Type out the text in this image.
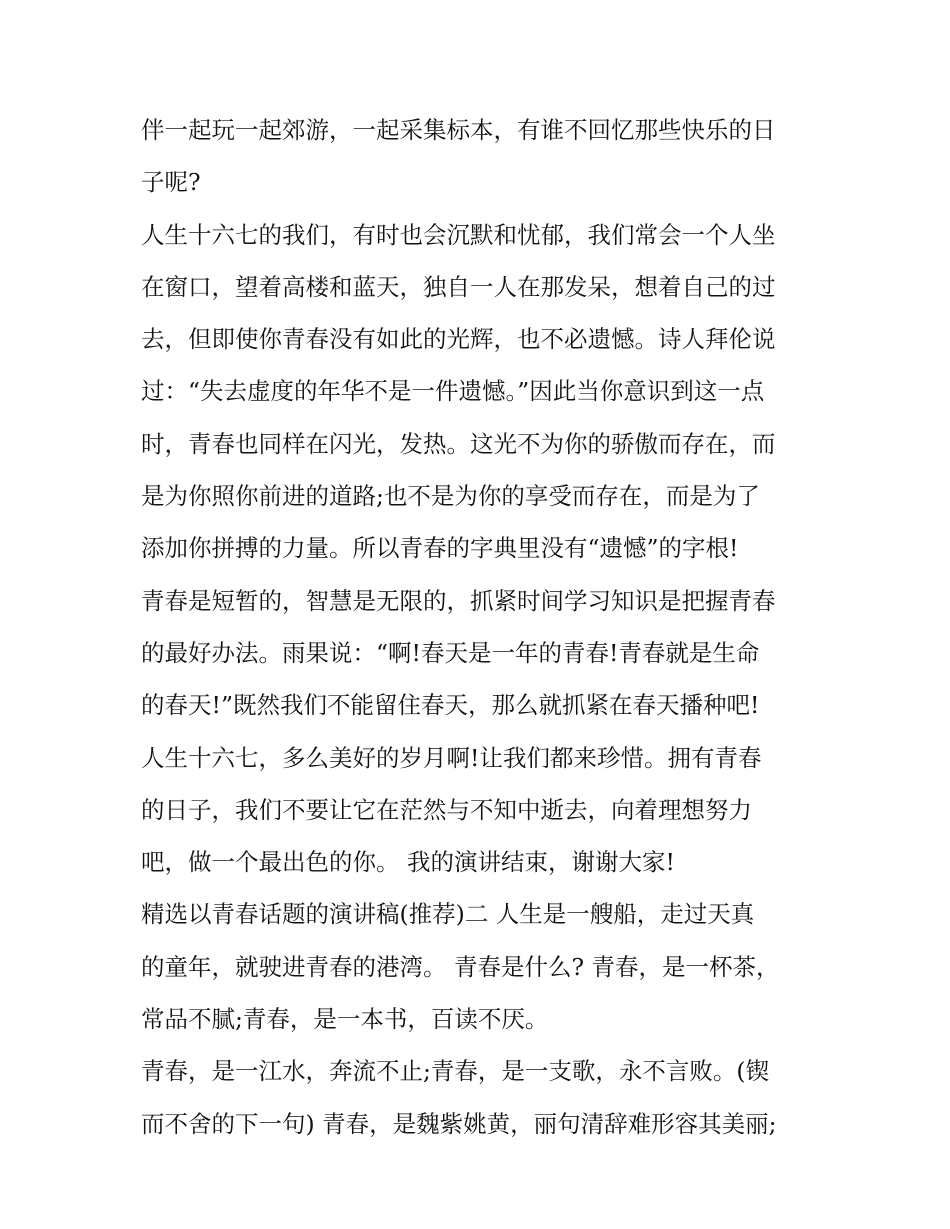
伴一起玩一起郊游，一起采集标本，有谁不回忆那些快乐的日
子呢?
人生十六七的我们，有时也会沉默和忧郁，我们常会一个人坐
在窗口，望着高楼和蓝天，独自一人在那发呆，想着自己的过
去，但即使你青春没有如此的光辉，也不必遗憾。诗人拜伦说
过：“失去虚度的年华不是一件遗憾。”因此当你意识到这一点
时，青春也同样在闪光，发热。这光不为你的骄傲而存在，而
是为你照你前进的道路;也不是为你的享受而存在，而是为了
添加你拼搏的力量。所以青春的字典里没有“遗憾”的字根!
青春是短暂的，智慧是无限的，抓紧时间学习知识是把握青春
的最好办法。雨果说：“啊!春天是一年的青春!青春就是生命
的春天!”既然我们不能留住春天，那么就抓紧在春天播种吧!
人生十六七，多么美好的岁月啊!让我们都来珍惜。拥有青春
的日子，我们不要让它在茫然与不知中逝去，向着理想努力
吧，做一个最出色的你。 我的演讲结束，谢谢大家!
精选以青春话题的演讲稿(推荐)二 人生是一艘船，走过天真
的童年，就驶进青春的港湾。 青春是什么? 青春，是一杯茶，
常品不腻;青春，是一本书，百读不厌。
青春，是一江水，奔流不止;青春，是一支歌，永不言败。(锲
而不舍的下一句) 青春，是魏紫姚黄，丽句清辞难形容其美丽;
